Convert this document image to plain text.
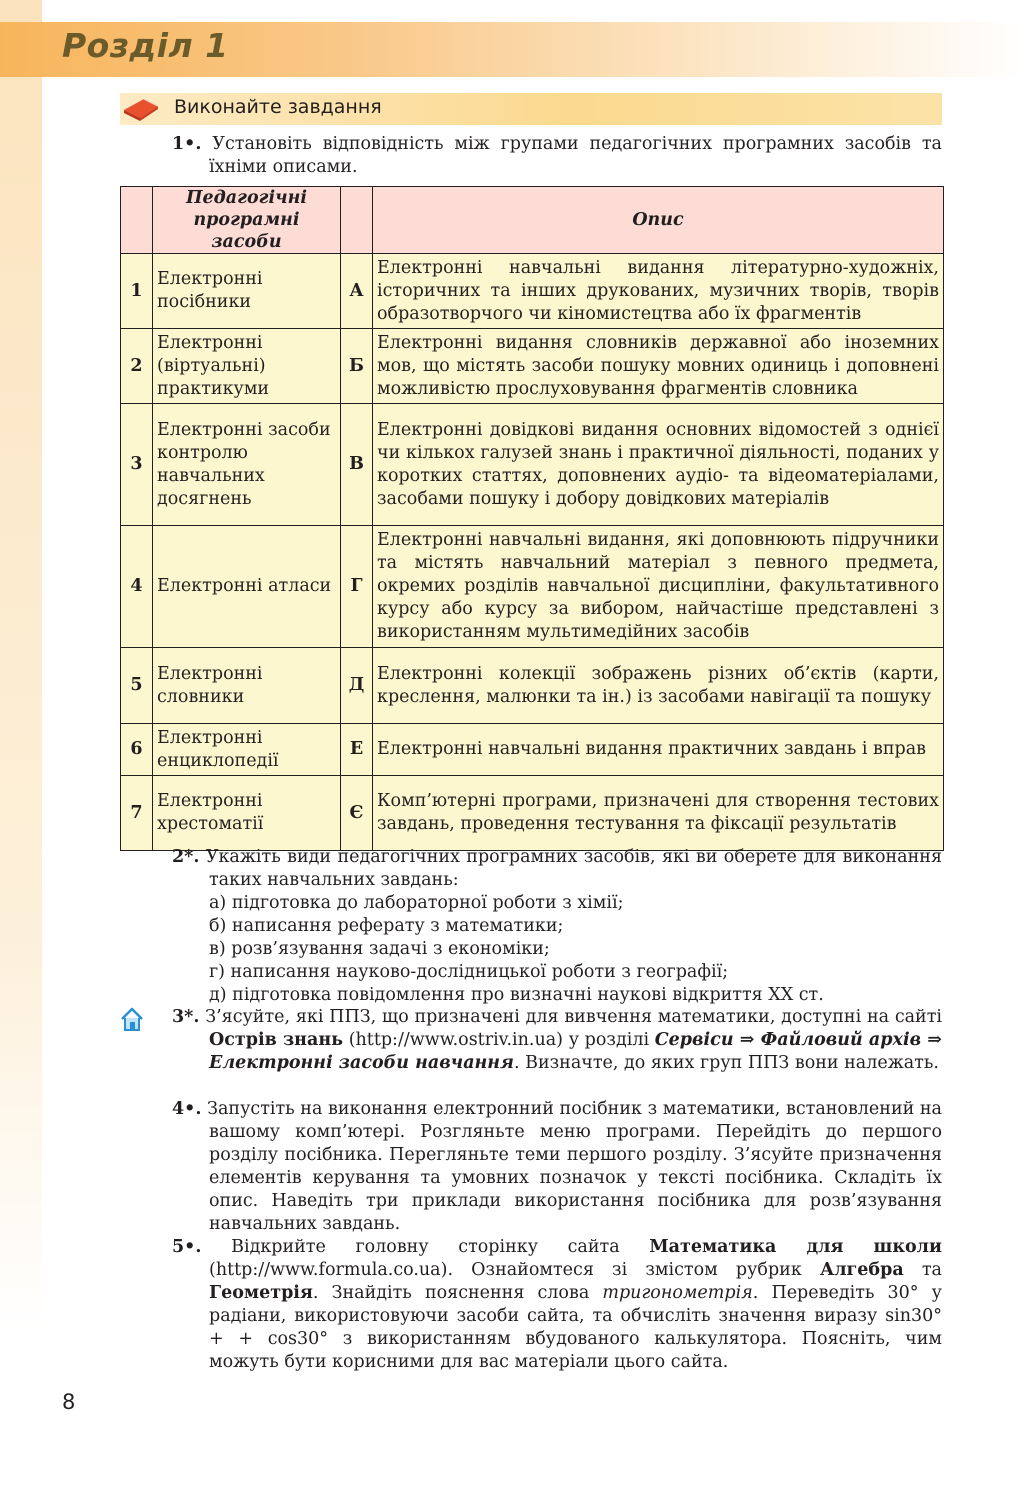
Розділ 1
Виконайте завдання
1•. Установіть відповідність між групами педагогічних програмних засобів та їхніми описами.
	Педагогічні програмні засоби		Опис
1	Електронні посібники	А	Електронні навчальні видання літературно-художніх, історичних та інших друкованих, музичних творів, творів образотворчого чи кіномистецтва або їх фрагментів
2	Електронні (віртуальні) практикуми	Б	Електронні видання словників державної або іноземних мов, що містять засоби пошуку мовних одиниць і доповнені можливістю прослуховування фрагментів словника
3	Електронні засоби контролю навчальних досягнень	В	Електронні довідкові видання основних відомостей з однієї чи кількох галузей знань і практичної діяльності, поданих у коротких статтях, доповнених аудіо- та відеоматеріалами, засобами пошуку і добору довідкових матеріалів
4	Електронні атласи	Г	Електронні навчальні видання, які доповнюють підручники та містять навчальний матеріал з певного предмета, окремих розділів навчальної дисципліни, факультативного курсу або курсу за вибором, найчастіше представлені з використанням мультимедійних засобів
5	Електронні словники	Д	Електронні колекції зображень різних об’єктів (карти, креслення, малюнки та ін.) із засобами навігації та пошуку
6	Електронні енциклопедії	Е	Електронні навчальні видання практичних завдань і вправ
7	Електронні хрестоматії	Є	Комп’ютерні програми, призначені для створення тестових завдань, проведення тестування та фіксації результатів
2*. Укажіть види педагогічних програмних засобів, які ви оберете для виконання таких навчальних завдань:
а) підготовка до лабораторної роботи з хімії;
б) написання реферату з математики;
в) розв’язування задачі з економіки;
г) написання науково-дослідницької роботи з географії;
д) підготовка повідомлення про визначні наукові відкриття XX ст.
3*. З’ясуйте, які ППЗ, що призначені для вивчення математики, доступні на сайті Острів знань (http://www.ostriv.in.ua) у розділі Сервіси ⇒ Файловий архів ⇒ Електронні засоби навчання. Визначте, до яких груп ППЗ вони належать.
4•. Запустіть на виконання електронний посібник з математики, встановлений на вашому комп’ютері. Розгляньте меню програми. Перейдіть до першого розділу посібника. Перегляньте теми першого розділу. З’ясуйте призначення елементів керування та умовних позначок у тексті посібника. Складіть їх опис. Наведіть три приклади використання посібника для розв’язування навчальних завдань.
5•. Відкрийте головну сторінку сайта Математика для школи (http://www.formula.co.ua). Ознайомтеся зі змістом рубрик Алгебра та Геометрія. Знайдіть пояснення слова тригонометрія. Переведіть 30° у радіани, використовуючи засоби сайта, та обчисліть значення виразу sin30° + + cos30° з використанням вбудованого калькулятора. Поясніть, чим можуть бути корисними для вас матеріали цього сайта.
8
